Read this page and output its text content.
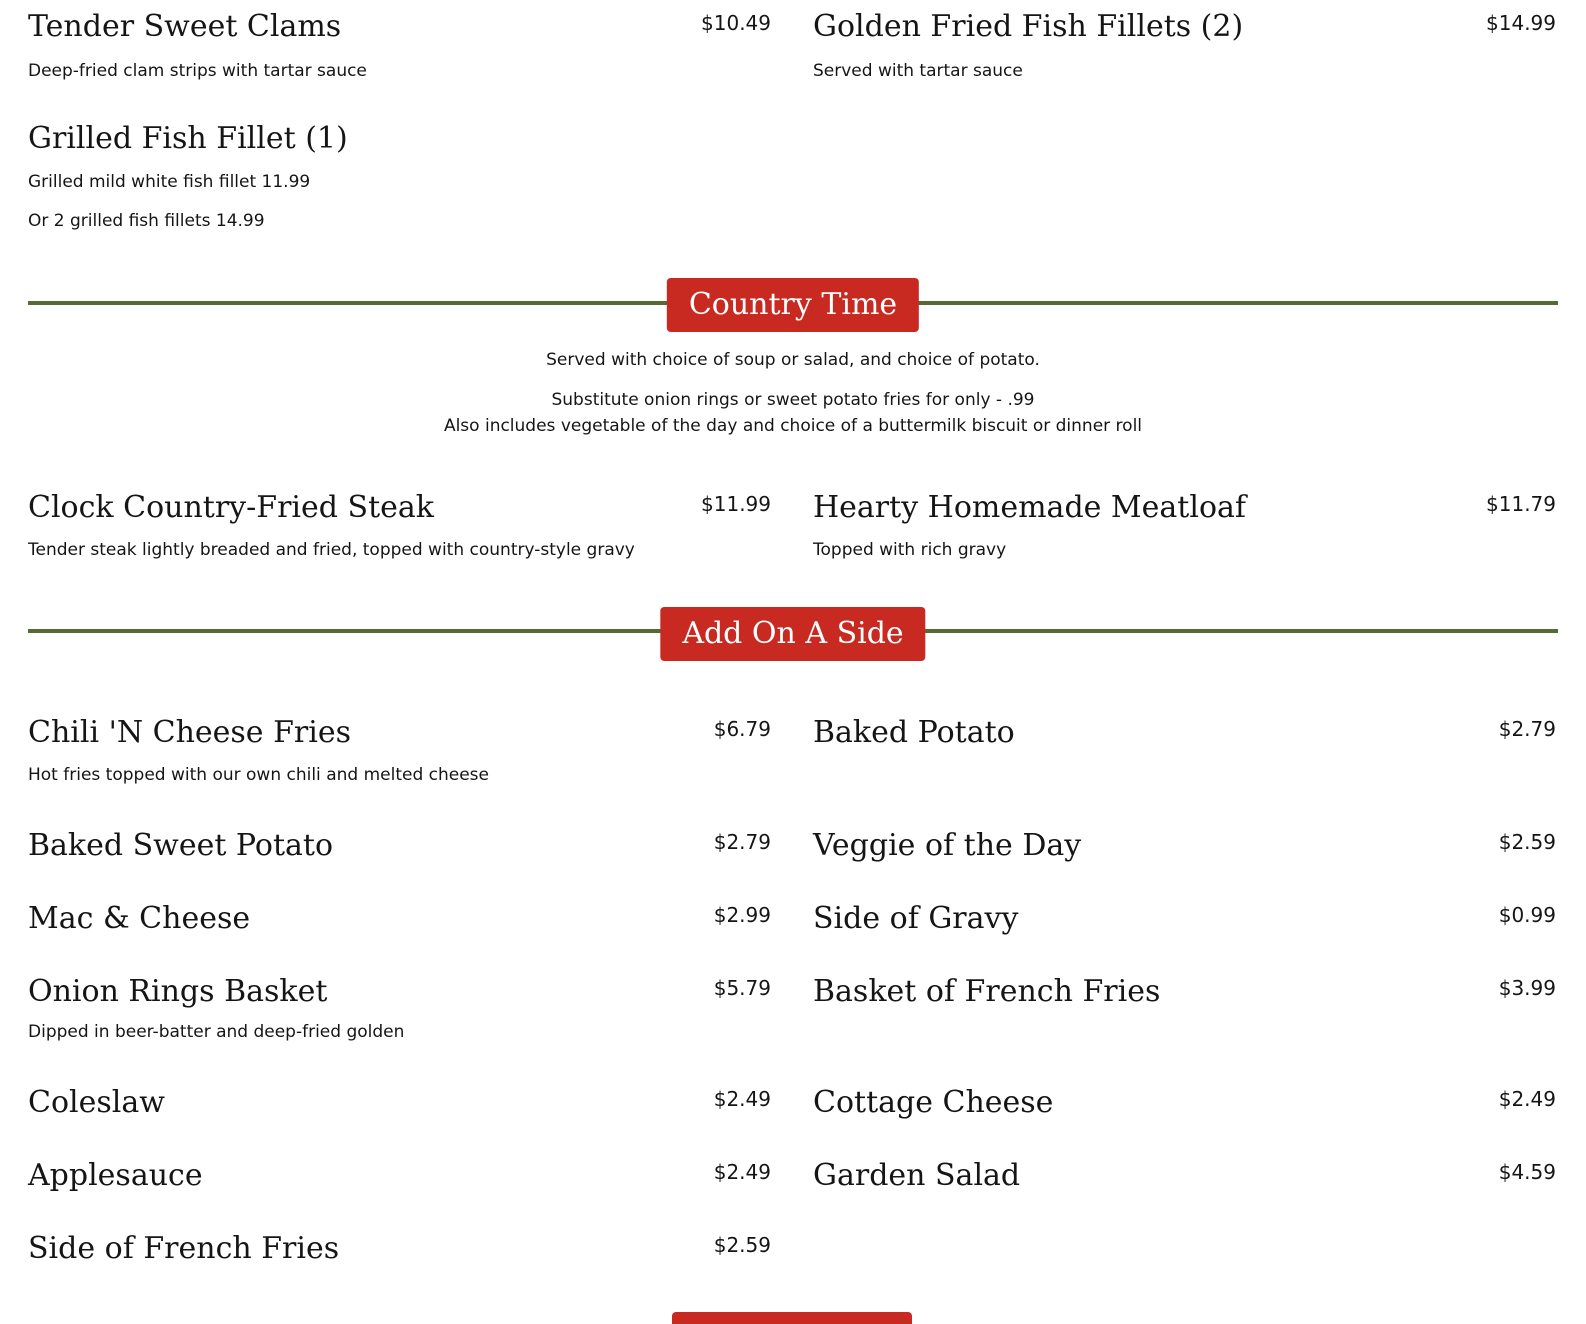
Tender Sweet Clams	$10.49
Deep-fried clam strips with tartar sauce
Grilled Fish Fillet (1)
Grilled mild white fish fillet 11.99
Or 2 grilled fish fillets 14.99
Golden Fried Fish Fillets (2)	$14.99
Served with tartar sauce
Country Time
Served with choice of soup or salad, and choice of potato.
Substitute onion rings or sweet potato fries for only - .99
Also includes vegetable of the day and choice of a buttermilk biscuit or dinner roll
Clock Country-Fried Steak	$11.99
Tender steak lightly breaded and fried, topped with country-style gravy
Hearty Homemade Meatloaf	$11.79
Topped with rich gravy
Add On A Side
Chili 'N Cheese Fries	$6.79
Hot fries topped with our own chili and melted cheese
Baked Sweet Potato	$2.79
Mac & Cheese	$2.99
Onion Rings Basket	$5.79
Dipped in beer-batter and deep-fried golden
Coleslaw	$2.49
Applesauce	$2.49
Side of French Fries	$2.59
Baked Potato	$2.79
Veggie of the Day	$2.59
Side of Gravy	$0.99
Basket of French Fries	$3.99
Cottage Cheese	$2.49
Garden Salad	$4.59
